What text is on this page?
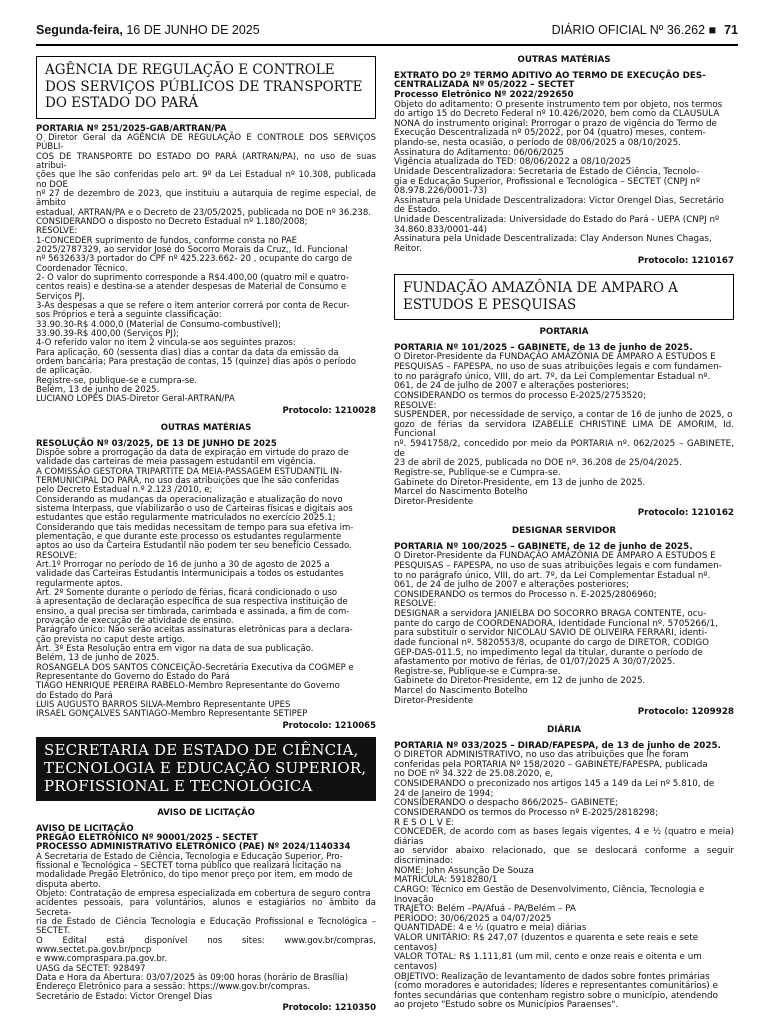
Segunda-feira, 16 DE JUNHO DE 2025	DIÁRIO OFICIAL Nº 36.262 ■ 71
AGÊNCIA DE REGULAÇÃO E CONTROLE DOS SERVIÇOS PÚBLICOS DE TRANSPORTE DO ESTADO DO PARÁ

PORTARIA Nº 251/2025-GAB/ARTRAN/PA

O Diretor Geral da AGÊNCIA DE REGULAÇÃO E CONTROLE DOS SERVIÇOS PÚBLI-
COS DE TRANSPORTE DO ESTADO DO PARÁ (ARTRAN/PA), no uso de suas atribui-
ções que lhe são conferidas pelo art. 9º da Lei Estadual nº 10.308, publicada no DOE
nº 27 de dezembro de 2023, que instituiu a autarquia de regime especial, de âmbito
estadual, ARTRAN/PA e o Decreto de 23/05/2025, publicada no DOE nº 36.238.
CONSIDERANDO o disposto no Decreto Estadual nº 1.180/2008;
RESOLVE:
1-CONCEDER suprimento de fundos, conforme consta no PAE
2025/2787329, ao servidor José do Socorro Morais da Cruz,, Id. Funcional
nº 5632633/3 portador do CPF nº 425.223.662- 20 , ocupante do cargo de
Coordenador Técnico.
2- O valor do suprimento corresponde a R$4.400,00 (quatro mil e quatro-
centos reais) e destina-se a atender despesas de Material de Consumo e
Serviços PJ.
3-As despesas a que se refere o item anterior correrá por conta de Recur-
sos Próprios e terá a seguinte classificação:
33.90.30-R$ 4.000,0 (Material de Consumo-combustível);
33.90.39-R$ 400,00 (Serviços PJ);
4-O referido valor no item 2 vincula-se aos seguintes prazos:
Para aplicação, 60 (sessenta dias) dias a contar da data da emissão da
ordem bancária; Para prestação de contas, 15 (quinze) dias após o período
de aplicação.
Registre-se, publique-se e cumpra-se.
Belém, 13 de junho de 2025.
LUCIANO LOPES DIAS-Diretor Geral-ARTRAN/PA

Protocolo: 1210028

OUTRAS MATÉRIAS

RESOLUÇÃO Nº 03/2025, DE 13 DE JUNHO DE 2025

Dispõe sobre a prorrogação da data de expiração em virtude do prazo de
validade das carteiras de meia passagem estudantil em vigência.
A COMISSÃO GESTORA TRIPARTITE DA MEIA-PASSAGEM ESTUDANTIL IN-
TERMUNICIPAL DO PARÁ, no uso das atribuições que lhe são conferidas
pelo Decreto Estadual n.º 2.123 /2010, e;
Considerando as mudanças da operacionalização e atualização do novo
sistema Interpass, que viabilizarão o uso de Carteiras físicas e digitais aos
estudantes que estão regularmente matriculados no exercício 2025.1;
Considerando que tais medidas necessitam de tempo para sua efetiva im-
plementação, e que durante este processo os estudantes regularmente
aptos ao uso da Carteira Estudantil não podem ter seu benefício Cessado.
RESOLVE:
Art.1º Prorrogar no período de 16 de junho a 30 de agosto de 2025 a
validade das Carteiras Estudantis Intermunicipais a todos os estudantes
regularmente aptos.
Art. 2º Somente durante o período de férias, ficará condicionado o uso
à apresentação de declaração específica de sua respectiva instituição de
ensino, a qual precisa ser timbrada, carimbada e assinada, a fim de com-
provação de execução de atividade de ensino.
Parágrafo único: Não serão aceitas assinaturas eletrônicas para a declara-
ção prevista no caput deste artigo.
Art. 3º Esta Resolução entra em vigor na data de sua publicação.
Belém, 13 de junho de 2025.
ROSANGELA DOS SANTOS CONCEIÇÃO-Secretária Executiva da COGMEP e
Representante do Governo do Estado do Pará
TIAGO HENRIQUE PEREIRA RABELO-Membro Representante do Governo
do Estado do Pará
LUIS AUGUSTO BARROS SILVA-Membro Representante UPES
IRSAEL GONÇALVES SANTIAGO-Membro Representante SETIPEP

Protocolo: 1210065

SECRETARIA DE ESTADO DE CIÊNCIA, TECNOLOGIA E EDUCAÇÃO SUPERIOR, PROFISSIONAL E TECNOLÓGICA

AVISO DE LICITAÇÃO

AVISO DE LICITAÇÃO
PREGÃO ELETRÔNICO Nº 90001/2025 - SECTET
PROCESSO ADMINISTRATIVO ELETRÔNICO (PAE) Nº 2024/1140334
A Secretaria de Estado de Ciência, Tecnologia e Educação Superior, Pro-
fissional e Tecnológica – SECTET torna público que realizará licitação na
modalidade Pregão Eletrônico, do tipo menor preço por item, em modo de
disputa aberto.
Objeto: Contratação de empresa especializada em cobertura de seguro contra
acidentes pessoais, para voluntários, alunos e estagiários no âmbito da Secreta-
ria de Estado de Ciência Tecnologia e Educação Profissional e Tecnológica – SECTET.
O Edital está disponível nos sites: www.gov.br/compras, www.sectet.pa.gov.br/pncp
e www.compraspara.pa.gov.br.
UASG da SECTET: 928497
Data e Hora da Abertura: 03/07/2025 às 09:00 horas (horário de Brasília)
Endereço Eletrônico para a sessão: https://www.gov.br/compras.
Secretário de Estado: Victor Orengel Dias

Protocolo: 1210350

OUTRAS MATÉRIAS

EXTRATO DO 2º TERMO ADITIVO AO TERMO DE EXECUÇÃO DES-
CENTRALIZADA Nº 05/2022 – SECTET
Processo Eletrônico Nº 2022/292650
Objeto do aditamento: O presente instrumento tem por objeto, nos termos
do artigo 15 do Decreto Federal nº 10.426/2020, bem como da CLAUSULA
NONA do instrumento original: Prorrogar o prazo de vigência do Termo de
Execução Descentralizada nº 05/2022, por 04 (quatro) meses, contem-
plando-se, nesta ocasião, o período de 08/06/2025 a 08/10/2025.
Assinatura do Aditamento: 06/06/2025
Vigência atualizada do TED: 08/06/2022 a 08/10/2025
Unidade Descentralizadora: Secretaria de Estado de Ciência, Tecnolo-
gia e Educação Superior, Profissional e Tecnológica – SECTET (CNPJ nº
08.978.226/0001-73)
Assinatura pela Unidade Descentralizadora: Victor Orengel Dias, Secretário
de Estado.
Unidade Descentralizada: Universidade do Estado do Pará - UEPA (CNPJ nº
34.860.833/0001-44)
Assinatura pela Unidade Descentralizada: Clay Anderson Nunes Chagas,
Reitor.

Protocolo: 1210167

FUNDAÇÃO AMAZÔNIA DE AMPARO A ESTUDOS E PESQUISAS

PORTARIA

PORTARIA Nº 101/2025 – GABINETE, de 13 de junho de 2025.

O Diretor-Presidente da FUNDAÇÃO AMAZÔNIA DE AMPARO A ESTUDOS E
PESQUISAS – FAPESPA, no uso de suas atribuições legais e com fundamen-
to no parágrafo único, VIII, do art. 7º, da Lei Complementar Estadual nº.
061, de 24 de julho de 2007 e alterações posteriores;
CONSIDERANDO os termos do processo E-2025/2753520;
RESOLVE:
SUSPENDER, por necessidade de serviço, a contar de 16 de junho de 2025, o
gozo de férias da servidora IZABELLE CHRISTINE LIMA DE AMORIM, Id. Funcional
nº. 5941758/2, concedido por meio da PORTARIA nº. 062/2025 – GABINETE, de
23 de abril de 2025, publicada no DOE nº. 36.208 de 25/04/2025.
Registre-se, Publique-se e Cumpra-se.
Gabinete do Diretor-Presidente, em 13 de junho de 2025.
Marcel do Nascimento Botelho
Diretor-Presidente

Protocolo: 1210162

DESIGNAR SERVIDOR

PORTARIA Nº 100/2025 – GABINETE, de 12 de junho de 2025.

O Diretor-Presidente da FUNDAÇÃO AMAZÔNIA DE AMPARO A ESTUDOS E
PESQUISAS – FAPESPA, no uso de suas atribuições legais e com fundamen-
to no parágrafo único, VIII, do art. 7º, da Lei Complementar Estadual nº.
061, de 24 de julho de 2007 e alterações posteriores;
CONSIDERANDO os termos do Processo n. E-2025/2806960;
RESOLVE:
DESIGNAR a servidora JANIELBA DO SOCORRO BRAGA CONTENTE, ocu-
pante do cargo de COORDENADORA, Identidade Funcional nº. 5705266/1,
para substituir o servidor NICOLAU SAVIO DE OLIVEIRA FERRARI, identi-
dade funcional nº. 5820553/8, ocupante do cargo de DIRETOR, CODIGO
GEP-DAS-011.5, no impedimento legal da titular, durante o período de
afastamento por motivo de férias, de 01/07/2025 A 30/07/2025.
Registre-se, Publique-se e Cumpra-se.
Gabinete do Diretor-Presidente, em 12 de junho de 2025.
Marcel do Nascimento Botelho
Diretor-Presidente

Protocolo: 1209928

DIÁRIA

PORTARIA Nº 033/2025 – DIRAD/FAPESPA, de 13 de junho de 2025.

O DIRETOR ADMINISTRATIVO, no uso das atribuições que lhe foram
conferidas pela PORTARIA Nº 158/2020 – GABINETE/FAPESPA, publicada
no DOE nº 34.322 de 25.08.2020, e,
CONSIDERANDO o preconizado nos artigos 145 a 149 da Lei nº 5.810, de
24 de Janeiro de 1994;
CONSIDERANDO o despacho 866/2025– GABINETE;
CONSIDERANDO os termos do Processo nº E-2025/2818298;
R E S O L V E:
CONCEDER, de acordo com as bases legais vigentes, 4 e ½ (quatro e meia) diárias
ao servidor abaixo relacionado, que se deslocará conforme a seguir discriminado:
NOME: John Assunção De Souza
MATRÍCULA: 5918280/1
CARGO: Técnico em Gestão de Desenvolvimento, Ciência, Tecnologia e
Inovação
TRAJETO: Belém –PA/Afuá - PA/Belém – PA
PERÍODO: 30/06/2025 a 04/07/2025
QUANTIDADE: 4 e ½ (quatro e meia) diárias
VALOR UNITÁRIO: R$ 247,07 (duzentos e quarenta e sete reais e sete
centavos)
VALOR TOTAL: R$ 1.111,81 (um mil, cento e onze reais e oitenta e um
centavos)
OBJETIVO: Realização de levantamento de dados sobre fontes primárias
(como moradores e autoridades; líderes e representantes comunitários) e
fontes secundárias que contenham registro sobre o município, atendendo
ao projeto "Estudo sobre os Municípios Paraenses".
